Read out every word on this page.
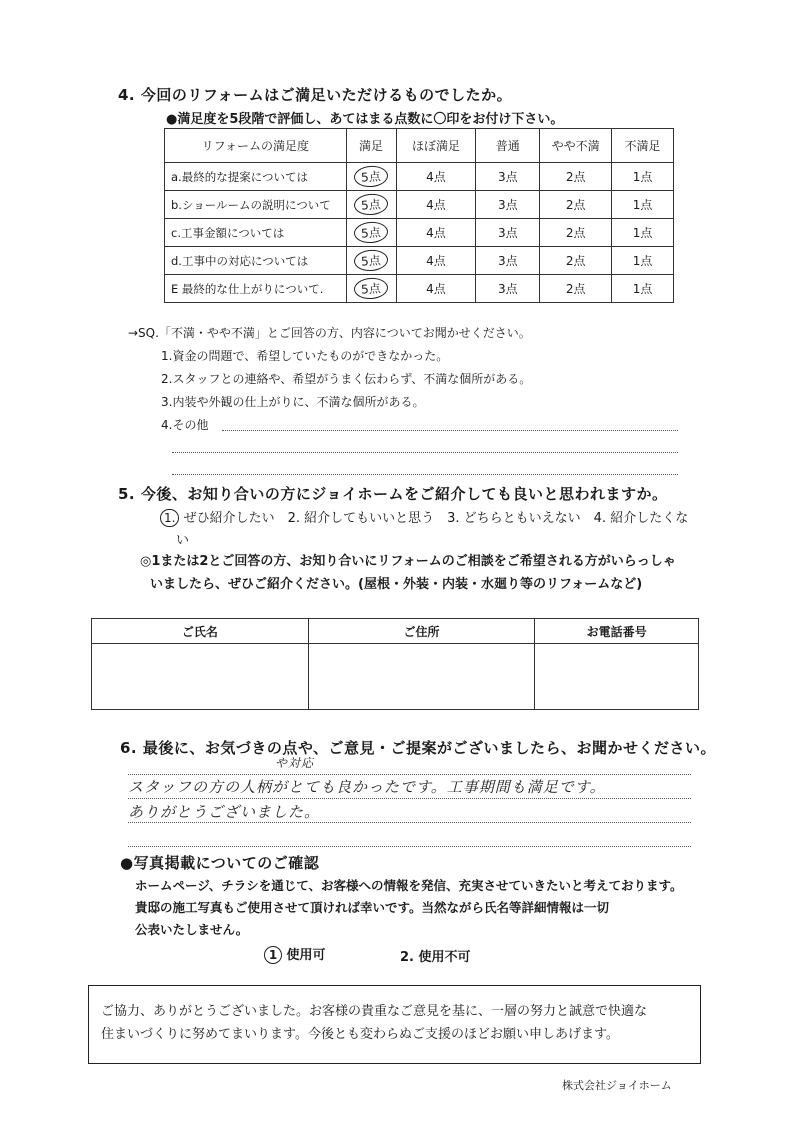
4. 今回のリフォームはご満足いただけるものでしたか。
●満足度を5段階で評価し、あてはまる点数に〇印をお付け下さい。
リフォームの満足度	満足	ほぼ満足	普通	やや不満	不満足
a.最終的な提案については	5点	4点	3点	2点	1点
b.ショールームの説明について	5点	4点	3点	2点	1点
c.工事金額については	5点	4点	3点	2点	1点
d.工事中の対応については	5点	4点	3点	2点	1点
E 最終的な仕上がりについて.	5点	4点	3点	2点	1点
→SQ.「不満・やや不満」とご回答の方、内容についてお聞かせください。
1.資金の問題で、希望していたものができなかった。
2.スタッフとの連絡や、希望がうまく伝わらず、不満な個所がある。
3.内装や外観の仕上がりに、不満な個所がある。
4.その他
5. 今後、お知り合いの方にジョイホームをご紹介しても良いと思われますか。
1. ぜひ紹介したい　2. 紹介してもいいと思う　3. どちらともいえない　4. 紹介したくな
い
◎1または2とご回答の方、お知り合いにリフォームのご相談をご希望される方がいらっしゃ
いましたら、ぜひご紹介ください。(屋根・外装・内装・水廻り等のリフォームなど)
ご氏名	ご住所	お電話番号

6. 最後に、お気づきの点や、ご意見・ご提案がございましたら、お聞かせください。
や対応
スタッフの方の人柄がとても良かったです。工事期間も満足です。
ありがとうございました。
●写真掲載についてのご確認
ホームページ、チラシを通じて、お客様への情報を発信、充実させていきたいと考えております。
貴邸の施工写真もご使用させて頂ければ幸いです。当然ながら氏名等詳細情報は一切
公表いたしません。
1 使用可	2. 使用不可
ご協力、ありがとうございました。お客様の貴重なご意見を基に、一層の努力と誠意で快適な
住まいづくりに努めてまいります。今後とも変わらぬご支援のほどお願い申しあげます。
株式会社ジョイホーム
